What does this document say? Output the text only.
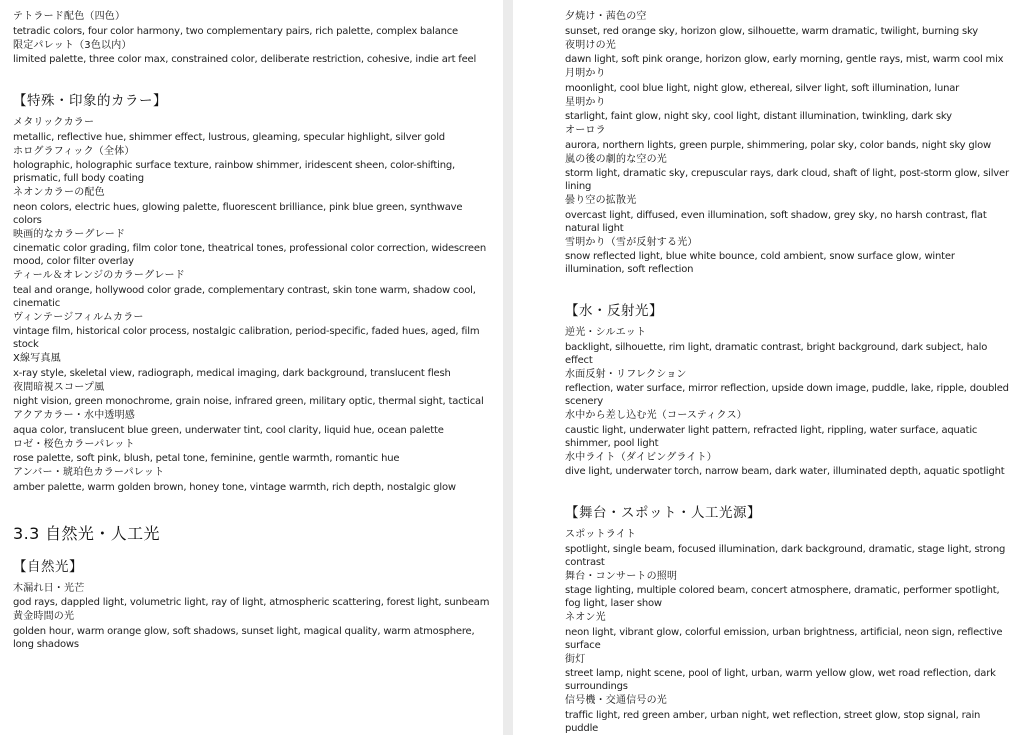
テトラード配色（四色）
tetradic colors, four color harmony, two complementary pairs, rich palette, complex balance
限定パレット（3色以内）
limited palette, three color max, constrained color, deliberate restriction, cohesive, indie art feel
【特殊・印象的カラー】
メタリックカラー
metallic, reflective hue, shimmer effect, lustrous, gleaming, specular highlight, silver gold
ホログラフィック（全体）
holographic, holographic surface texture, rainbow shimmer, iridescent sheen, color-shifting, prismatic, full body coating
ネオンカラーの配色
neon colors, electric hues, glowing palette, fluorescent brilliance, pink blue green, synthwave colors
映画的なカラーグレード
cinematic color grading, film color tone, theatrical tones, professional color correction, widescreen mood, color filter overlay
ティール＆オレンジのカラーグレード
teal and orange, hollywood color grade, complementary contrast, skin tone warm, shadow cool, cinematic
ヴィンテージフィルムカラー
vintage film, historical color process, nostalgic calibration, period-specific, faded hues, aged, film stock
X線写真風
x-ray style, skeletal view, radiograph, medical imaging, dark background, translucent flesh
夜間暗視スコープ風
night vision, green monochrome, grain noise, infrared green, military optic, thermal sight, tactical
アクアカラー・水中透明感
aqua color, translucent blue green, underwater tint, cool clarity, liquid hue, ocean palette
ロゼ・桜色カラーパレット
rose palette, soft pink, blush, petal tone, feminine, gentle warmth, romantic hue
アンバー・琥珀色カラーパレット
amber palette, warm golden brown, honey tone, vintage warmth, rich depth, nostalgic glow
3.3 自然光・人工光
【自然光】
木漏れ日・光芒
god rays, dappled light, volumetric light, ray of light, atmospheric scattering, forest light, sunbeam
黄金時間の光
golden hour, warm orange glow, soft shadows, sunset light, magical quality, warm atmosphere, long shadows
夕焼け・茜色の空
sunset, red orange sky, horizon glow, silhouette, warm dramatic, twilight, burning sky
夜明けの光
dawn light, soft pink orange, horizon glow, early morning, gentle rays, mist, warm cool mix
月明かり
moonlight, cool blue light, night glow, ethereal, silver light, soft illumination, lunar
星明かり
starlight, faint glow, night sky, cool light, distant illumination, twinkling, dark sky
オーロラ
aurora, northern lights, green purple, shimmering, polar sky, color bands, night sky glow
嵐の後の劇的な空の光
storm light, dramatic sky, crepuscular rays, dark cloud, shaft of light, post-storm glow, silver lining
曇り空の拡散光
overcast light, diffused, even illumination, soft shadow, grey sky, no harsh contrast, flat natural light
雪明かり（雪が反射する光）
snow reflected light, blue white bounce, cold ambient, snow surface glow, winter illumination, soft reflection
【水・反射光】
逆光・シルエット
backlight, silhouette, rim light, dramatic contrast, bright background, dark subject, halo effect
水面反射・リフレクション
reflection, water surface, mirror reflection, upside down image, puddle, lake, ripple, doubled scenery
水中から差し込む光（コースティクス）
caustic light, underwater light pattern, refracted light, rippling, water surface, aquatic shimmer, pool light
水中ライト（ダイビングライト）
dive light, underwater torch, narrow beam, dark water, illuminated depth, aquatic spotlight
【舞台・スポット・人工光源】
スポットライト
spotlight, single beam, focused illumination, dark background, dramatic, stage light, strong contrast
舞台・コンサートの照明
stage lighting, multiple colored beam, concert atmosphere, dramatic, performer spotlight, fog light, laser show
ネオン光
neon light, vibrant glow, colorful emission, urban brightness, artificial, neon sign, reflective surface
街灯
street lamp, night scene, pool of light, urban, warm yellow glow, wet road reflection, dark surroundings
信号機・交通信号の光
traffic light, red green amber, urban night, wet reflection, street glow, stop signal, rain puddle
